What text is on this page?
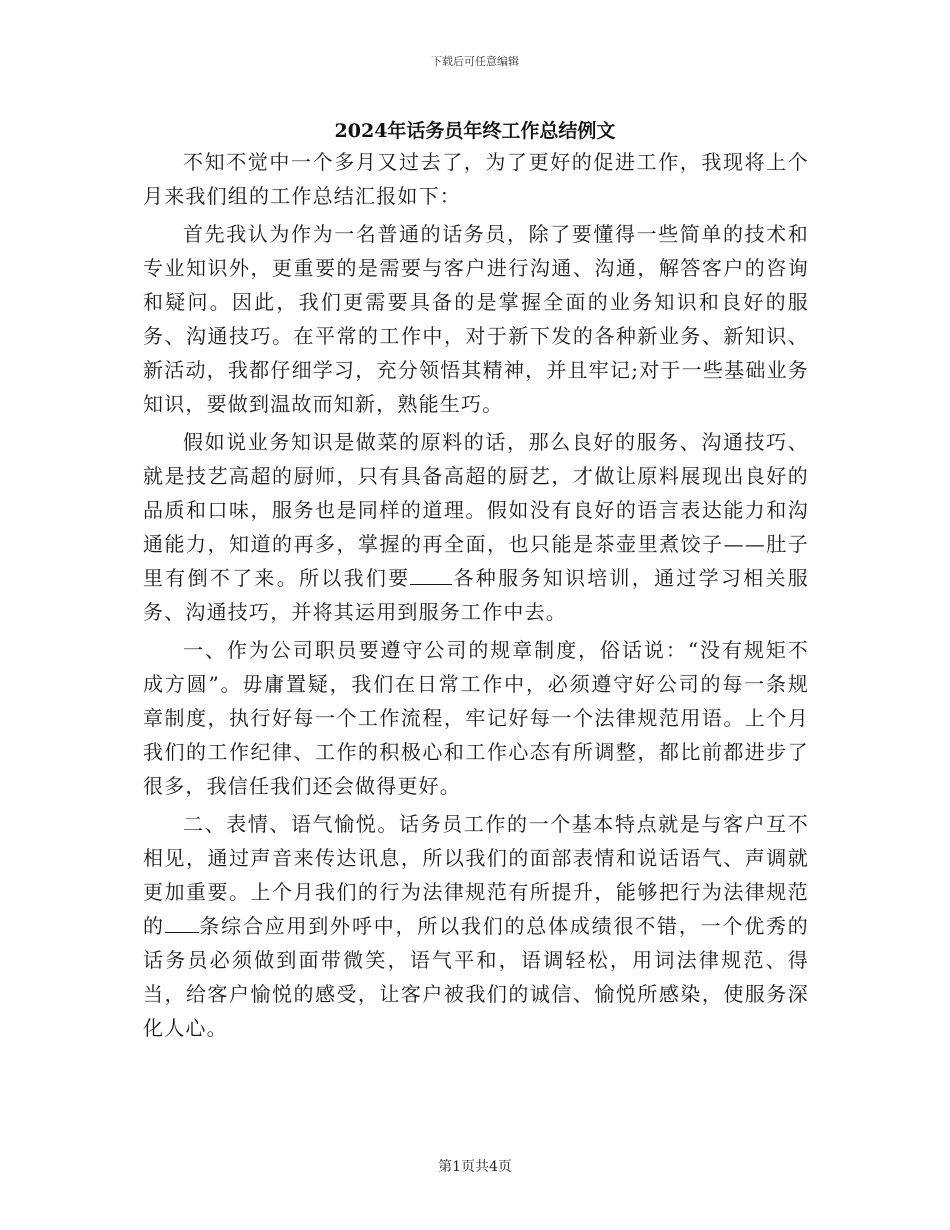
下载后可任意编辑
2024年话务员年终工作总结例文

不知不觉中一个多月又过去了，为了更好的促进工作，我现将上个月来我们组的工作总结汇报如下：

首先我认为作为一名普通的话务员，除了要懂得一些简单的技术和专业知识外，更重要的是需要与客户进行沟通、沟通，解答客户的咨询和疑问。因此，我们更需要具备的是掌握全面的业务知识和良好的服务、沟通技巧。在平常的工作中，对于新下发的各种新业务、新知识、新活动，我都仔细学习，充分领悟其精神，并且牢记;对于一些基础业务知识，要做到温故而知新，熟能生巧。

假如说业务知识是做菜的原料的话，那么良好的服务、沟通技巧、就是技艺高超的厨师，只有具备高超的厨艺，才做让原料展现出良好的品质和口味，服务也是同样的道理。假如没有良好的语言表达能力和沟通能力，知道的再多，掌握的再全面，也只能是茶壶里煮饺子——肚子里有倒不了来。所以我们要 各种服务知识培训，通过学习相关服务、沟通技巧，并将其运用到服务工作中去。

一、作为公司职员要遵守公司的规章制度，俗话说：“没有规矩不成方圆”。毋庸置疑，我们在日常工作中，必须遵守好公司的每一条规章制度，执行好每一个工作流程，牢记好每一个法律规范用语。上个月我们的工作纪律、工作的积极心和工作心态有所调整，都比前都进步了很多，我信任我们还会做得更好。

二、表情、语气愉悦。话务员工作的一个基本特点就是与客户互不相见，通过声音来传达讯息，所以我们的面部表情和说话语气、声调就更加重要。上个月我们的行为法律规范有所提升，能够把行为法律规范的 条综合应用到外呼中，所以我们的总体成绩很不错，一个优秀的话务员必须做到面带微笑，语气平和，语调轻松，用词法律规范、得当，给客户愉悦的感受，让客户被我们的诚信、愉悦所感染，使服务深化人心。

第1页共4页
